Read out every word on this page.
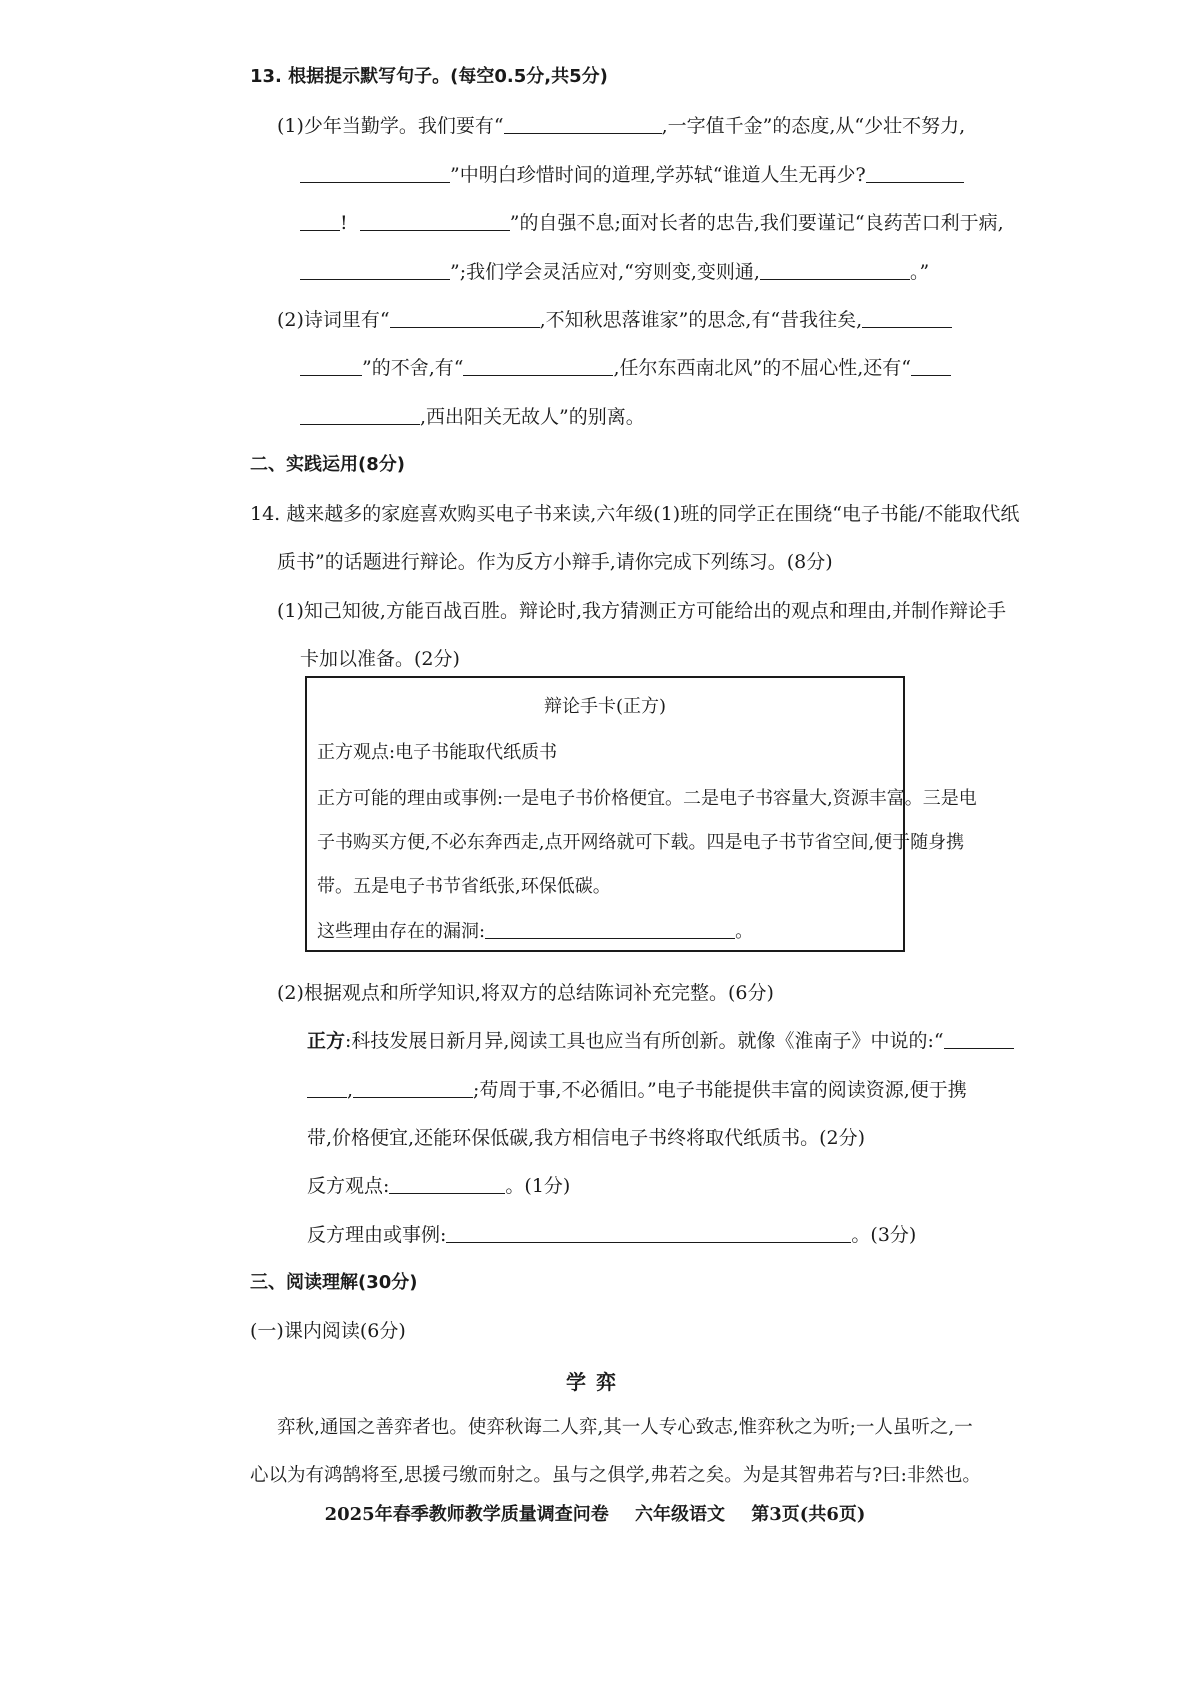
13. 根据提示默写句子。(每空0.5分,共5分)
(1)少年当勤学。我们要有“	,一字值千金”的态度,从“少壮不努力,
”中明白珍惜时间的道理,学苏轼“谁道人生无再少?
!	”的自强不息;面对长者的忠告,我们要谨记“良药苦口利于病,
”;我们学会灵活应对,“穷则变,变则通,	。”
(2)诗词里有“	,不知秋思落谁家”的思念,有“昔我往矣,
”的不舍,有“	,任尔东西南北风”的不屈心性,还有“
,西出阳关无故人”的别离。
二、实践运用(8分)
14. 越来越多的家庭喜欢购买电子书来读,六年级(1)班的同学正在围绕“电子书能/不能取代纸
质书”的话题进行辩论。作为反方小辩手,请你完成下列练习。(8分)
(1)知己知彼,方能百战百胜。辩论时,我方猜测正方可能给出的观点和理由,并制作辩论手
卡加以准备。(2分)
辩论手卡(正方)
正方观点:电子书能取代纸质书
正方可能的理由或事例:一是电子书价格便宜。二是电子书容量大,资源丰富。三是电
子书购买方便,不必东奔西走,点开网络就可下载。四是电子书节省空间,便于随身携
带。五是电子书节省纸张,环保低碳。
这些理由存在的漏洞:	。
(2)根据观点和所学知识,将双方的总结陈词补充完整。(6分)
正方:科技发展日新月异,阅读工具也应当有所创新。就像《淮南子》中说的:“
,	;苟周于事,不必循旧。”电子书能提供丰富的阅读资源,便于携
带,价格便宜,还能环保低碳,我方相信电子书终将取代纸质书。(2分)
反方观点:	。(1分)
反方理由或事例:	。(3分)
三、阅读理解(30分)
(一)课内阅读(6分)
学弈
弈秋,通国之善弈者也。使弈秋诲二人弈,其一人专心致志,惟弈秋之为听;一人虽听之,一
心以为有鸿鹄将至,思援弓缴而射之。虽与之俱学,弗若之矣。为是其智弗若与?曰:非然也。
2025年春季教师教学质量调查问卷 六年级语文 第3页(共6页)
